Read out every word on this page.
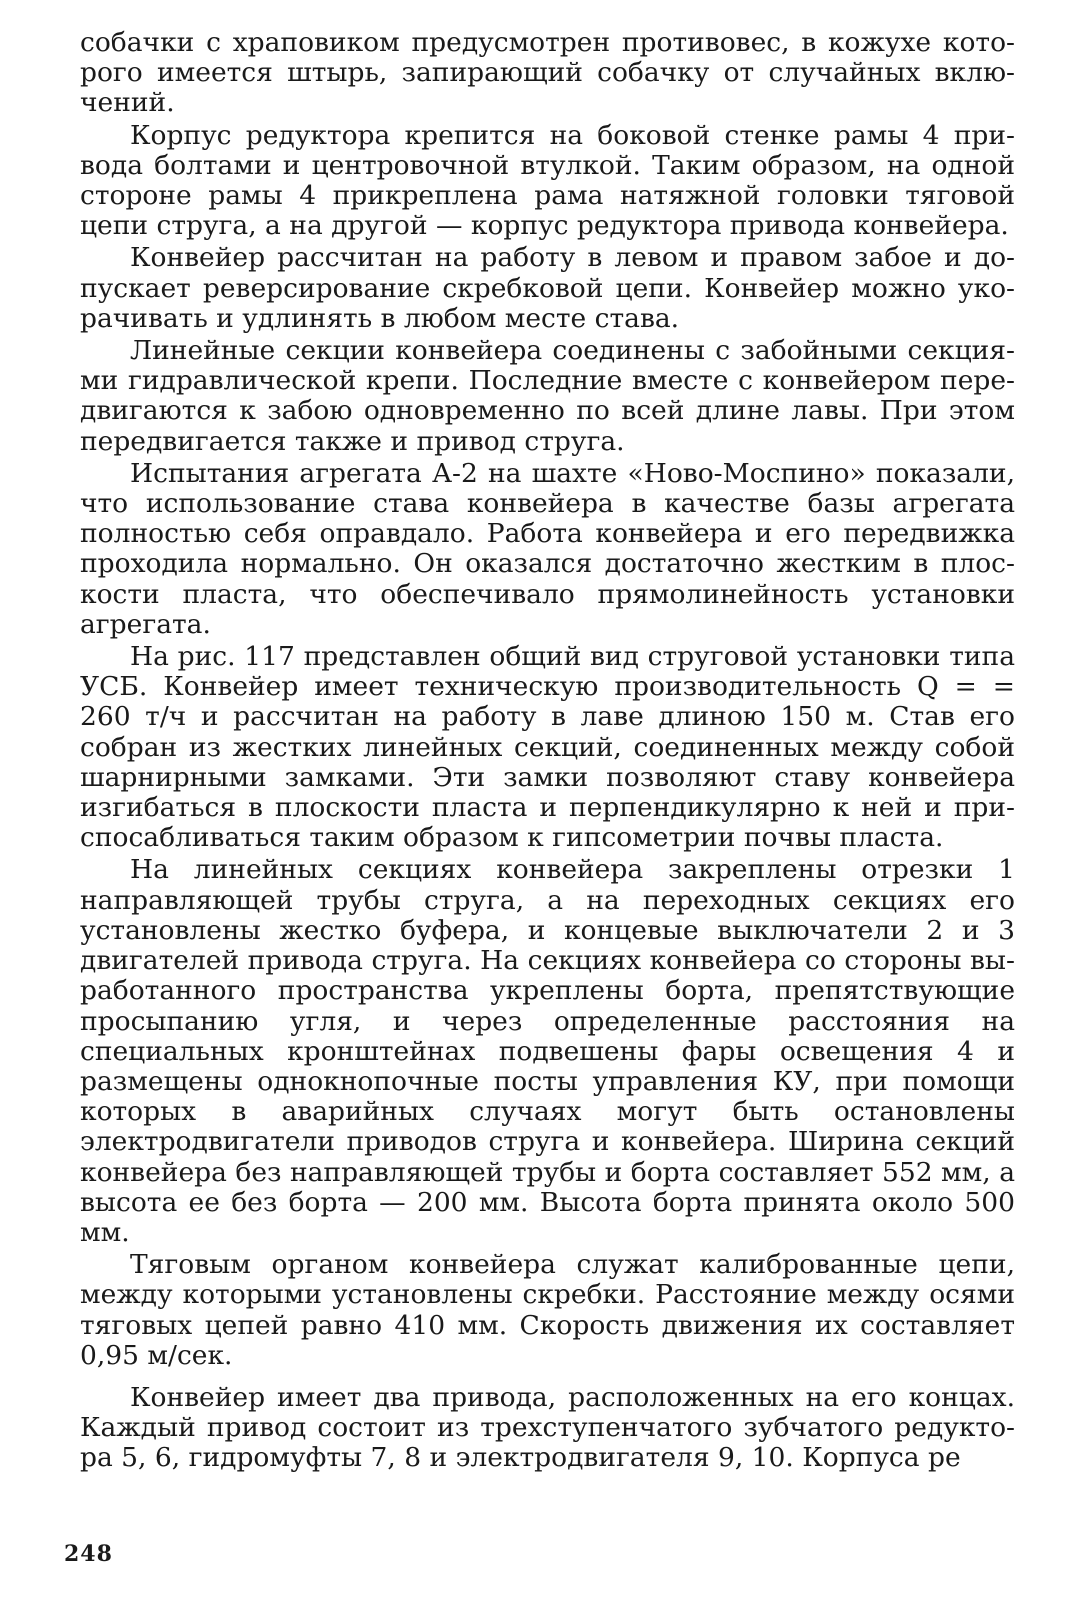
собачки с храповиком предусмотрен противовес, в кожухе которого имеется штырь, запирающий собачку от случайных включений.

Корпус редуктора крепится на боковой стенке рамы 4 привода болтами и центровочной втулкой. Таким образом, на одной стороне рамы 4 прикреплена рама натяжной головки тяговой цепи струга, а на другой — корпус редуктора привода конвейера.

Конвейер рассчитан на работу в левом и правом забое и допускает реверсирование скребковой цепи. Конвейер можно укорачивать и удлинять в любом месте става.

Линейные секции конвейера соединены с забойными секциями гидравлической крепи. Последние вместе с конвейером передвигаются к забою одновременно по всей длине лавы. При этом передвигается также и привод струга.

Испытания агрегата А-2 на шахте «Ново-Моспино» показали, что использование става конвейера в качестве базы агрегата полностью себя оправдало. Работа конвейера и его передвижка проходила нормально. Он оказался достаточно жестким в плоскости пласта, что обеспечивало прямолинейность установки агрегата.

На рис. 117 представлен общий вид струговой установки типа УСБ. Конвейер имеет техническую производительность Q = = 260 т/ч и рассчитан на работу в лаве длиною 150 м. Став его собран из жестких линейных секций, соединенных между собой шарнирными замками. Эти замки позволяют ставу конвейера изгибаться в плоскости пласта и перпендикулярно к ней и приспосабливаться таким образом к гипсометрии почвы пласта.

На линейных секциях конвейера закреплены отрезки 1 направляющей трубы струга, а на переходных секциях его установлены жестко буфера, и концевые выключатели 2 и 3 двигателей привода струга. На секциях конвейера со стороны выработанного пространства укреплены борта, препятствующие просыпанию угля, и через определенные расстояния на специальных кронштейнах подвешены фары освещения 4 и размещены однокнопочные посты управления КУ, при помощи которых в аварийных случаях могут быть остановлены электродвигатели приводов струга и конвейера. Ширина секций конвейера без направляющей трубы и борта составляет 552 мм, а высота ее без борта — 200 мм. Высота борта принята около 500 мм.

Тяговым органом конвейера служат калиброванные цепи, между которыми установлены скребки. Расстояние между осями тяговых цепей равно 410 мм. Скорость движения их составляет 0,95 м/сек.

Конвейер имеет два привода, расположенных на его концах. Каждый привод состоит из трехступенчатого зубчатого редуктора 5, 6, гидромуфты 7, 8 и электродвигателя 9, 10. Корпуса ре

248
